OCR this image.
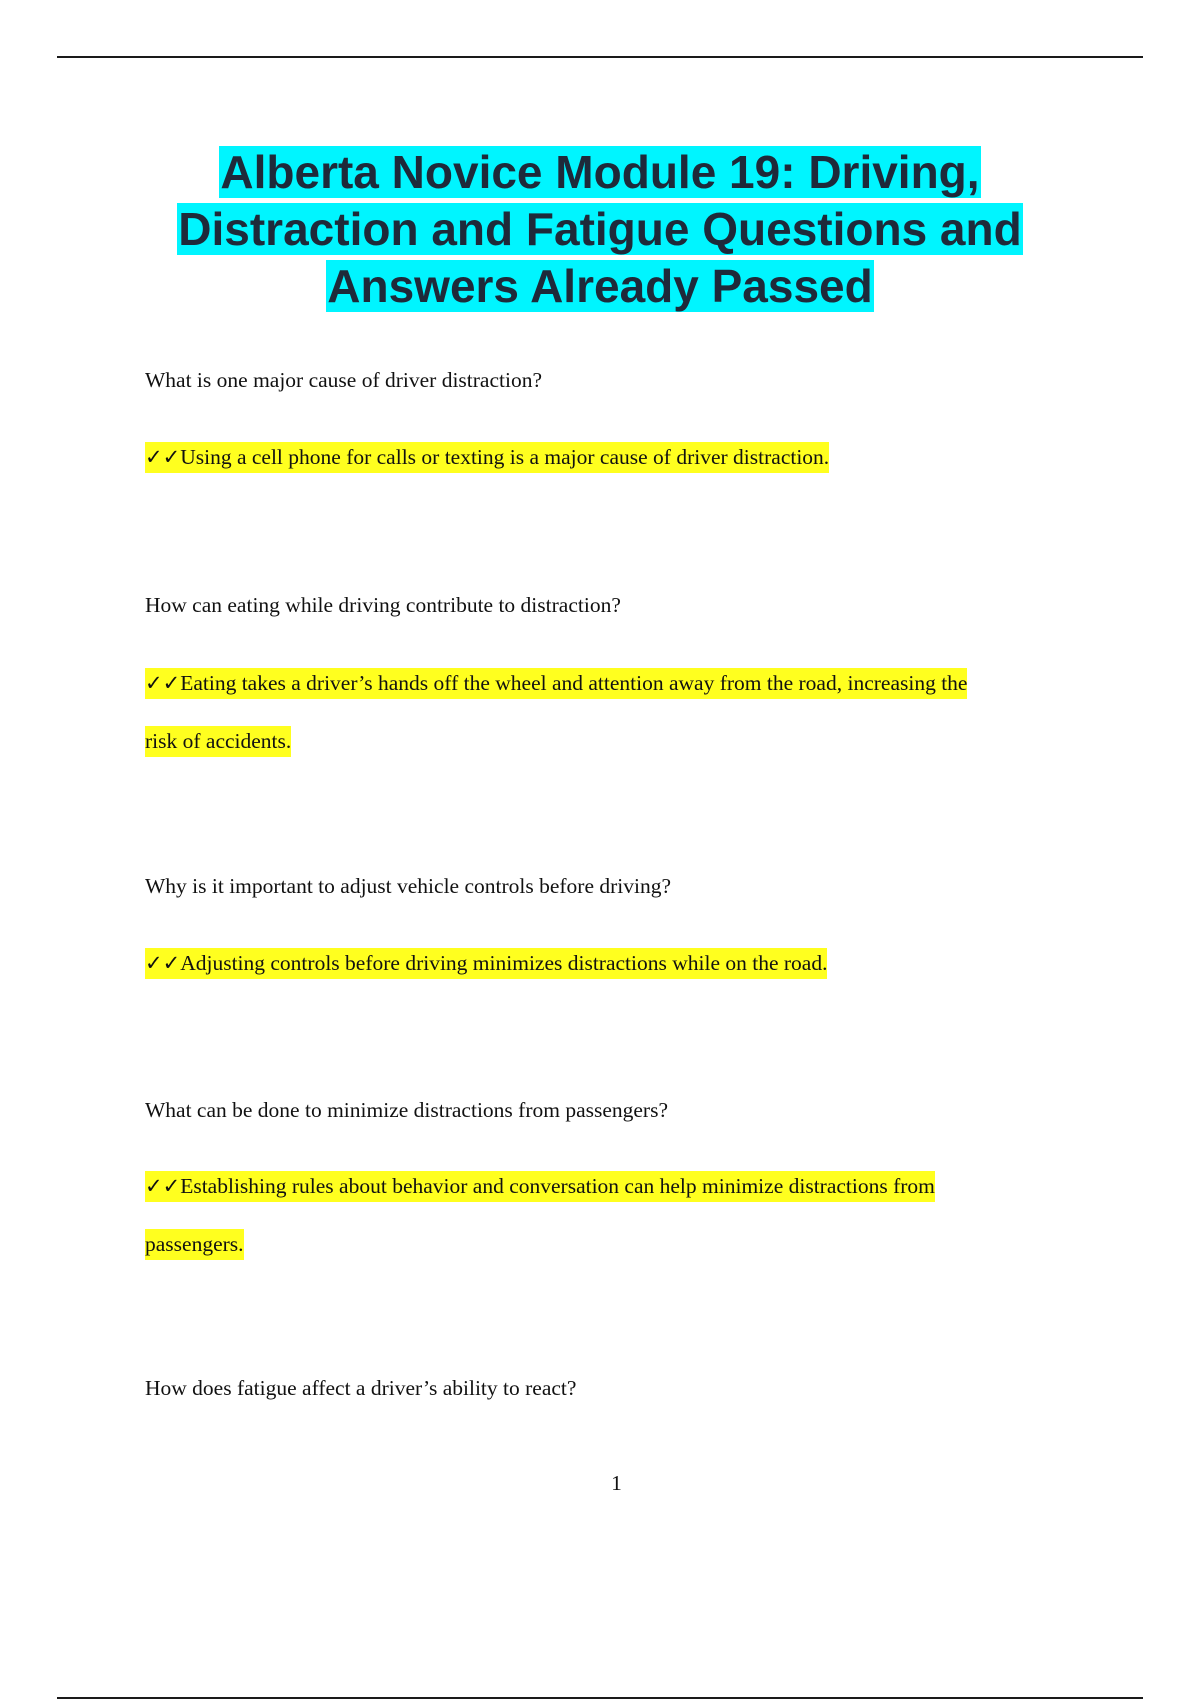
Alberta Novice Module 19: Driving,
Distraction and Fatigue Questions and
Answers Already Passed
What is one major cause of driver distraction?
✓✓Using a cell phone for calls or texting is a major cause of driver distraction.
How can eating while driving contribute to distraction?
✓✓Eating takes a driver’s hands off the wheel and attention away from the road, increasing the
risk of accidents.
Why is it important to adjust vehicle controls before driving?
✓✓Adjusting controls before driving minimizes distractions while on the road.
What can be done to minimize distractions from passengers?
✓✓Establishing rules about behavior and conversation can help minimize distractions from
passengers.
How does fatigue affect a driver’s ability to react?
1
